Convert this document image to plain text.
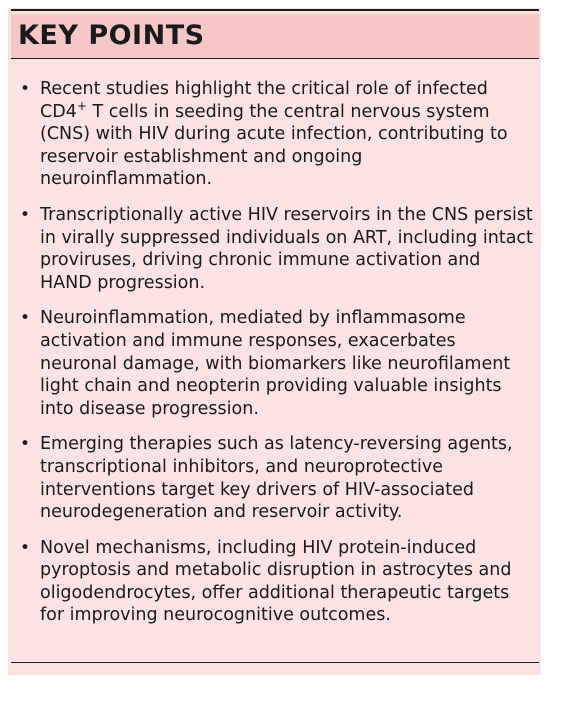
KEY POINTS
• Recent studies highlight the critical role of infected CD4+ T cells in seeding the central nervous system (CNS) with HIV during acute infection, contributing to reservoir establishment and ongoing neuroinflammation.
• Transcriptionally active HIV reservoirs in the CNS persist in virally suppressed individuals on ART, including intact proviruses, driving chronic immune activation and HAND progression.
• Neuroinflammation, mediated by inflammasome activation and immune responses, exacerbates neuronal damage, with biomarkers like neurofilament light chain and neopterin providing valuable insights into disease progression.
• Emerging therapies such as latency-reversing agents, transcriptional inhibitors, and neuroprotective interventions target key drivers of HIV-associated neurodegeneration and reservoir activity.
• Novel mechanisms, including HIV protein-induced pyroptosis and metabolic disruption in astrocytes and oligodendrocytes, offer additional therapeutic targets for improving neurocognitive outcomes.
